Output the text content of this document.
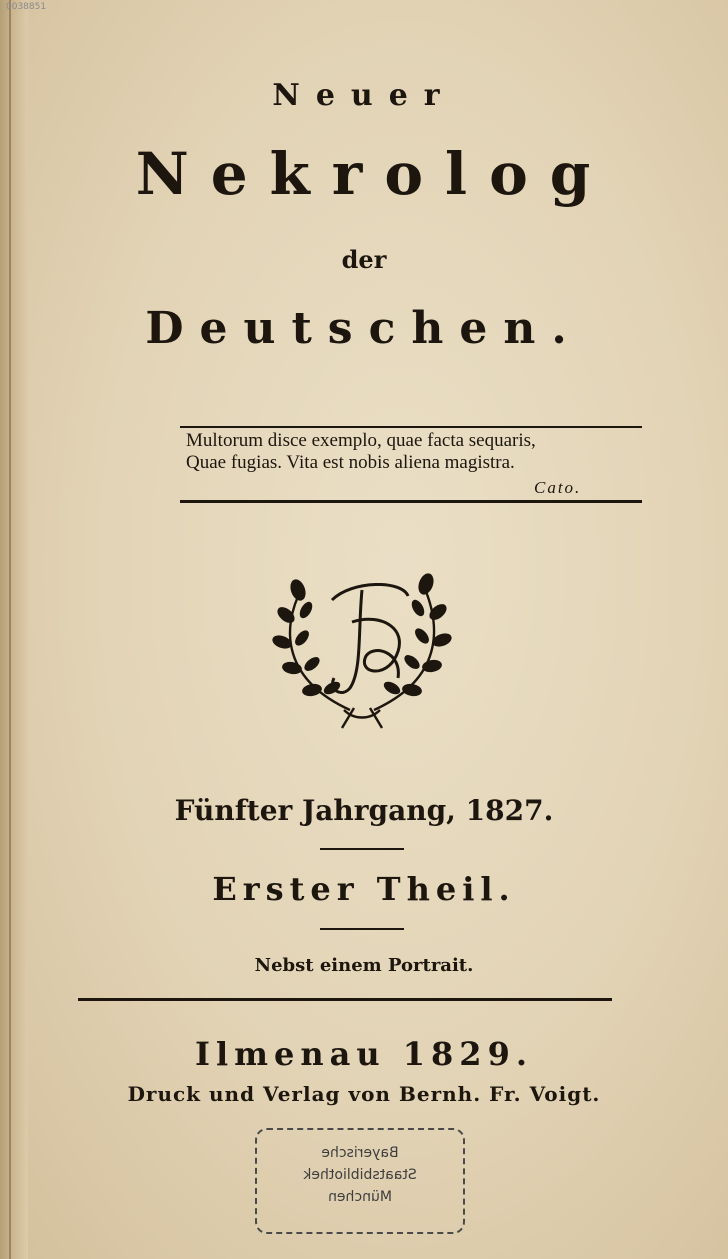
0038851
Neuer
Nekrolog
der
Deutschen.
Multorum disce exemplo, quae facta sequaris,
Quae fugias. Vita est nobis aliena magistra.
Cato.
Fünfter Jahrgang, 1827.
Erster Theil.
Nebst einem Portrait.
Ilmenau 1829.
Druck und Verlag von Bernh. Fr. Voigt.
Bayerische
Staatsbibliothek
München
